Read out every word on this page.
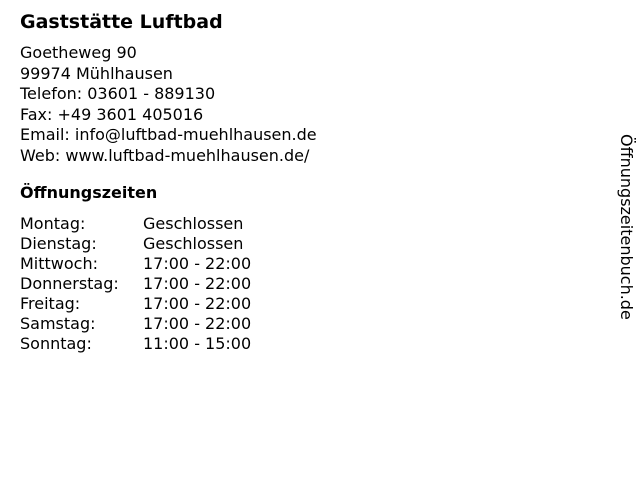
Gaststätte Luftbad
Goetheweg 90
99974 Mühlhausen
Telefon: 03601 - 889130
Fax: +49 3601 405016
Email: info@luftbad-muehlhausen.de
Web: www.luftbad-muehlhausen.de/
Öffnungszeiten
Montag:	Geschlossen
Dienstag:	Geschlossen
Mittwoch:	17:00 - 22:00
Donnerstag:	17:00 - 22:00
Freitag:	17:00 - 22:00
Samstag:	17:00 - 22:00
Sonntag:	11:00 - 15:00
Öffnungszeitenbuch.de
